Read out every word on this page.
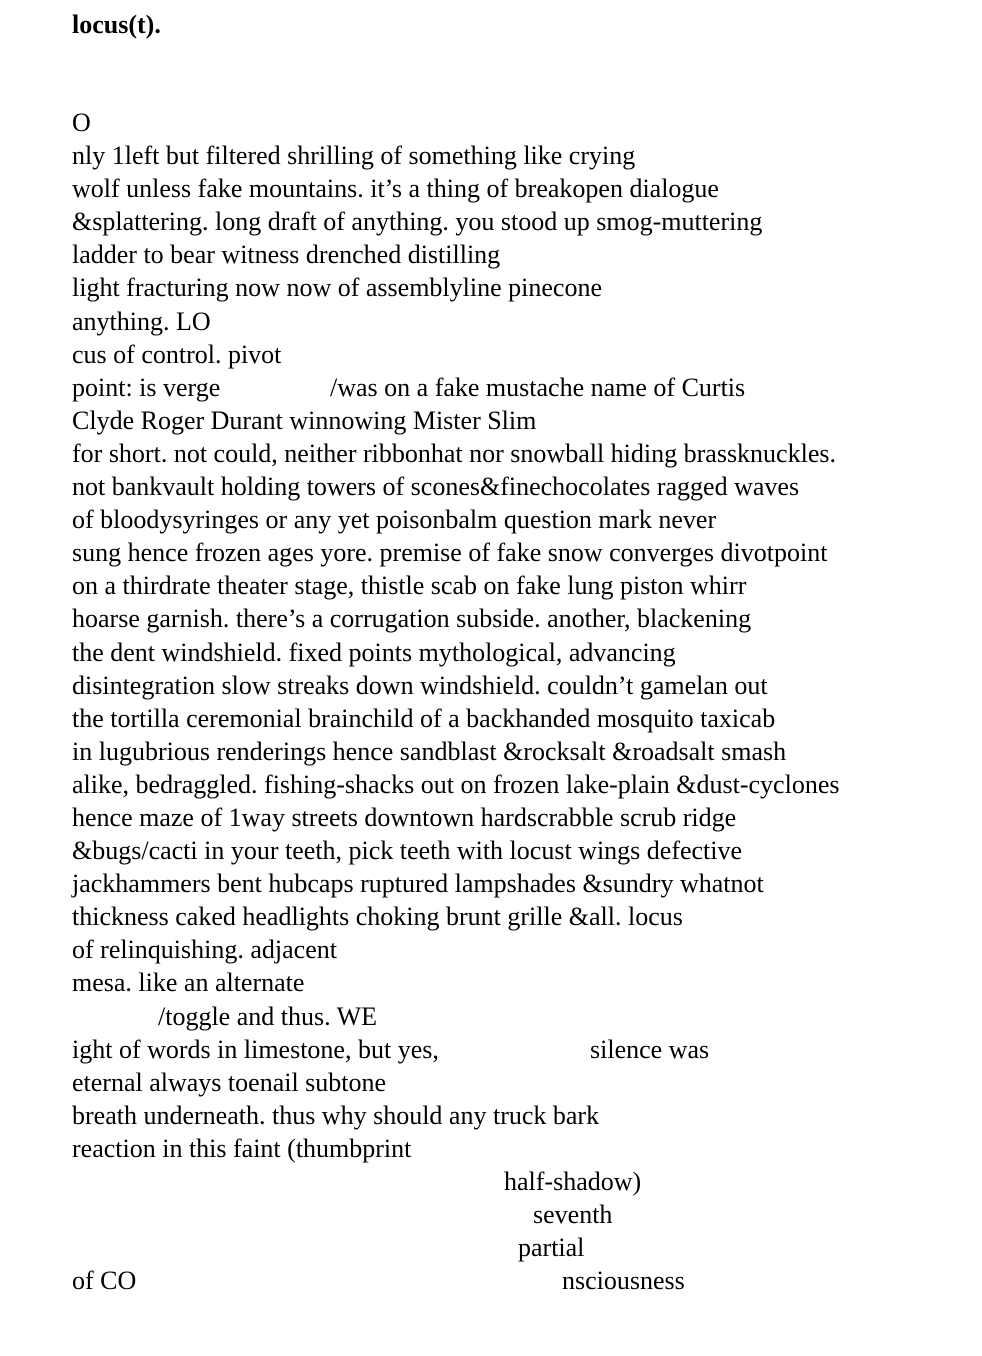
locus(t).
O
nly 1left but filtered shrilling of something like crying
wolf unless fake mountains. it’s a thing of breakopen dialogue
&splattering. long draft of anything. you stood up smog-muttering
ladder to bear witness drenched distilling
light fracturing now now of assemblyline pinecone
anything. LO
cus of control. pivot
point: is verge	/was on a fake mustache name of Curtis
Clyde Roger Durant winnowing Mister Slim
for short. not could, neither ribbonhat nor snowball hiding brassknuckles.
not bankvault holding towers of scones&finechocolates ragged waves
of bloodysyringes or any yet poisonbalm question mark never
sung hence frozen ages yore. premise of fake snow converges divotpoint
on a thirdrate theater stage, thistle scab on fake lung piston whirr
hoarse garnish. there’s a corrugation subside. another, blackening
the dent windshield. fixed points mythological, advancing
disintegration slow streaks down windshield. couldn’t gamelan out
the tortilla ceremonial brainchild of a backhanded mosquito taxicab
in lugubrious renderings hence sandblast &rocksalt &roadsalt smash
alike, bedraggled. fishing-shacks out on frozen lake-plain &dust-cyclones
hence maze of 1way streets downtown hardscrabble scrub ridge
&bugs/cacti in your teeth, pick teeth with locust wings defective
jackhammers bent hubcaps ruptured lampshades &sundry whatnot
thickness caked headlights choking brunt grille &all. locus
of relinquishing. adjacent
mesa. like an alternate
/toggle and thus. WE
ight of words in limestone, but yes,	silence was
eternal always toenail subtone
breath underneath. thus why should any truck bark
reaction in this faint (thumbprint
half-shadow)
seventh
partial
of CO	nsciousness
